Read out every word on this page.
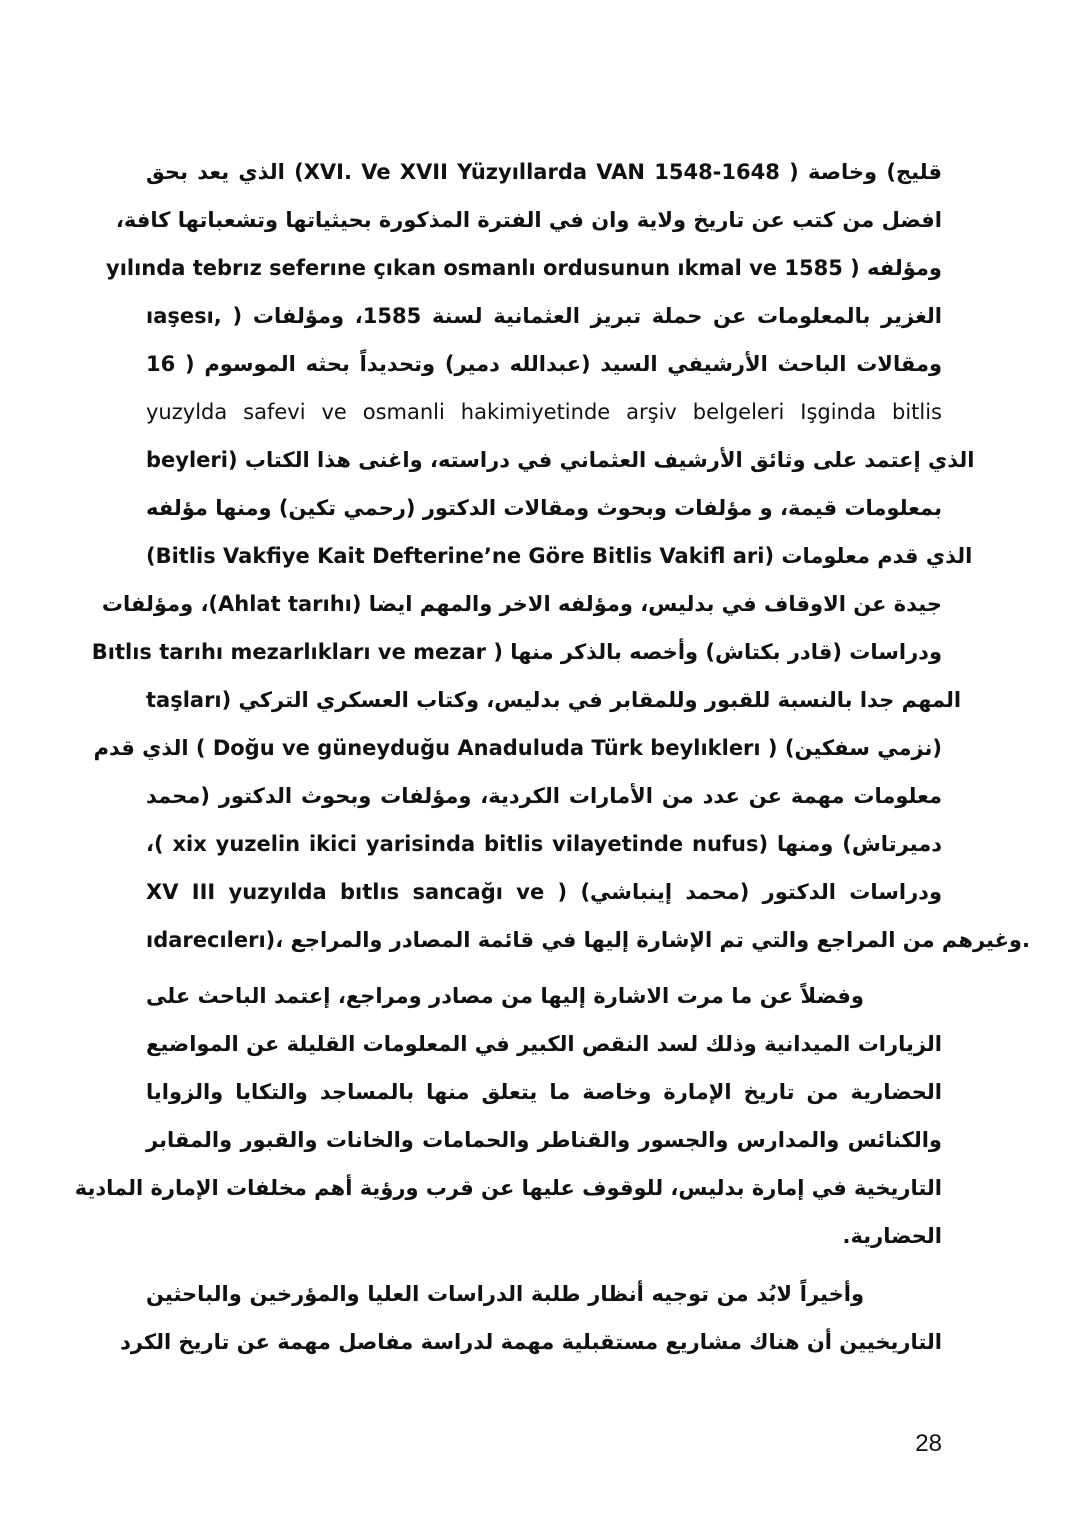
قليج) وخاصة ( XVI. Ve XVII Yüzyıllarda VAN 1548-1648) الذي يعد بحق
افضل من كتب عن تاريخ ولاية وان في الفترة المذكورة بحيثياتها وتشعباتها كافة،
ومؤلفه ( 1585 yılında tebrız seferıne çıkan osmanlı ordusunun ıkmal ve
ıaşesı, ) الغزير بالمعلومات عن حملة تبريز العثمانية لسنة 1585، ومؤلفات
ومقالات الباحث الأرشيفي السيد (عبدالله دمير) وتحديداً بحثه الموسوم ( 16
yuzylda safevi ve osmanli hakimiyetinde arşiv belgeleri Işginda bitlis
beyleri) الذي إعتمد على وثائق الأرشيف العثماني في دراسته، واغنى هذا الكتاب
بمعلومات قيمة، و مؤلفات وبحوث ومقالات الدكتور (رحمي تكين) ومنها مؤلفه
(Bitlis Vakfiye Kait Defterine’ne Göre Bitlis Vakifl ari) الذي قدم معلومات
جيدة عن الاوقاف في بدليس، ومؤلفه الاخر والمهم ايضا (Ahlat tarıhı)، ومؤلفات
ودراسات (قادر بكتاش) وأخصه بالذكر منها ( Bıtlıs tarıhı mezarlıkları ve mezar
taşları) المهم جدا بالنسبة للقبور وللمقابر في بدليس، وكتاب العسكري التركي
(نزمي سفكين) ( Doğu ve güneyduğu Anaduluda Türk beylıklerı ) الذي قدم
معلومات مهمة عن عدد من الأمارات الكردية، ومؤلفات وبحوث الدكتور (محمد
دميرتاش) ومنها (xix yuzelin ikici yarisinda bitlis vilayetinde nufus )،
ودراسات الدكتور (محمد إينباشي) ( XV III yuzyılda bıtlıs sancağı ve
ıdarecılerı)، وغيرهم من المراجع والتي تم الإشارة إليها في قائمة المصادر والمراجع.
وفضلاً عن ما مرت الاشارة إليها من مصادر ومراجع، إعتمد الباحث على
الزيارات الميدانية وذلك لسد النقص الكبير في المعلومات القليلة عن المواضيع
الحضارية من تاريخ الإمارة وخاصة ما يتعلق منها بالمساجد والتكايا والزوايا
والكنائس والمدارس والجسور والقناطر والحمامات والخانات والقبور والمقابر
التاريخية في إمارة بدليس، للوقوف عليها عن قرب ورؤية أهم مخلفات الإمارة المادية
الحضارية.
وأخيراً لابُد من توجيه أنظار طلبة الدراسات العليا والمؤرخين والباحثين
التاريخيين أن هناك مشاريع مستقبلية مهمة لدراسة مفاصل مهمة عن تاريخ الكرد
28
